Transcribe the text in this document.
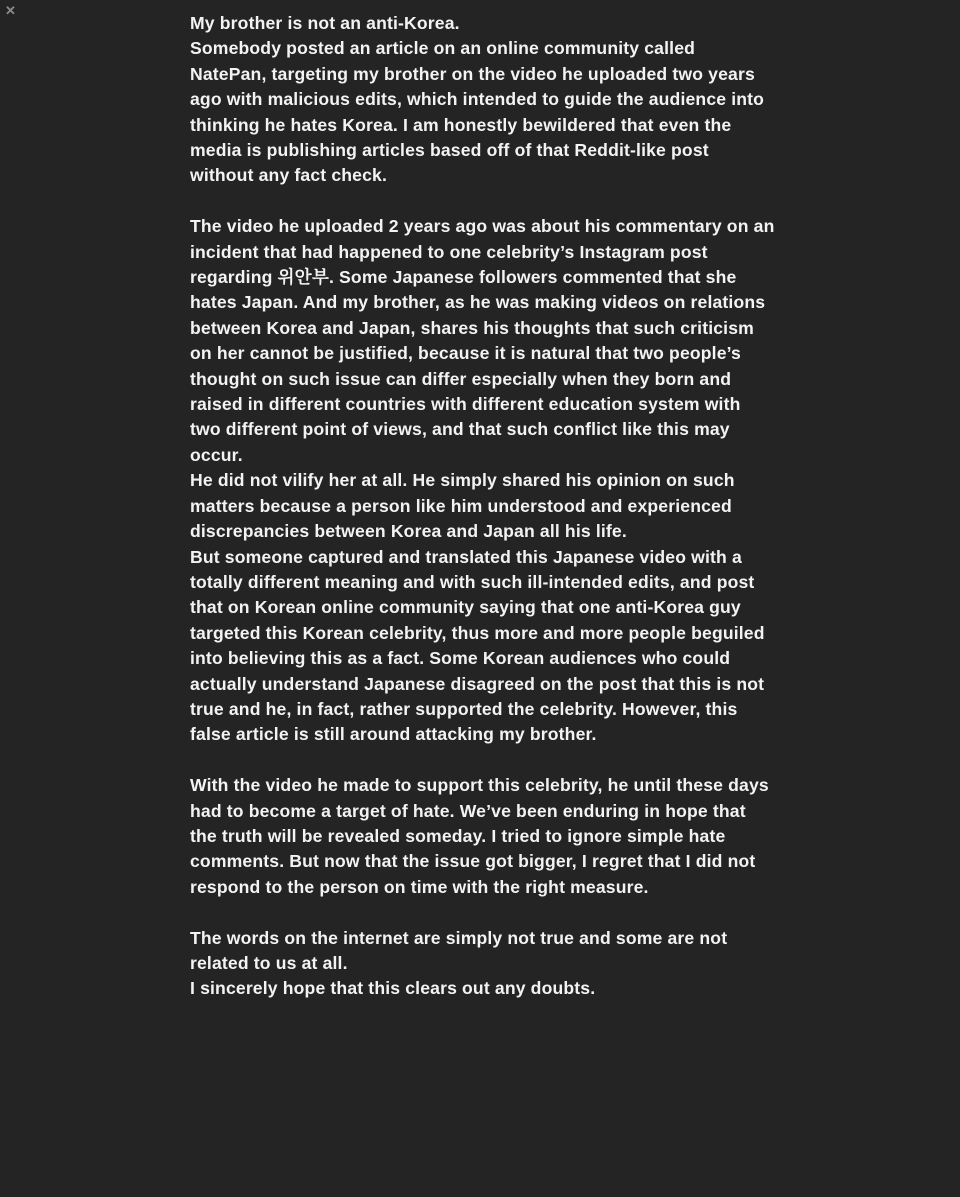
✕

My brother is not an anti-Korea.

Somebody posted an article on an online community called NatePan, targeting my brother on the video he uploaded two years ago with malicious edits, which intended to guide the audience into thinking he hates Korea. I am honestly bewildered that even the media is publishing articles based off of that Reddit-like post without any fact check.

The video he uploaded 2 years ago was about his commentary on an incident that had happened to one celebrity’s Instagram post regarding 위안부. Some Japanese followers commented that she hates Japan. And my brother, as he was making videos on relations between Korea and Japan, shares his thoughts that such criticism on her cannot be justified, because it is natural that two people’s thought on such issue can differ especially when they born and raised in different countries with different education system with two different point of views, and that such conflict like this may occur.

He did not vilify her at all. He simply shared his opinion on such matters because a person like him understood and experienced discrepancies between Korea and Japan all his life.

But someone captured and translated this Japanese video with a totally different meaning and with such ill-intended edits, and post that on Korean online community saying that one anti-Korea guy targeted this Korean celebrity, thus more and more people beguiled into believing this as a fact. Some Korean audiences who could actually understand Japanese disagreed on the post that this is not true and he, in fact, rather supported the celebrity. However, this false article is still around attacking my brother.

With the video he made to support this celebrity, he until these days had to become a target of hate. We’ve been enduring in hope that the truth will be revealed someday. I tried to ignore simple hate comments. But now that the issue got bigger, I regret that I did not respond to the person on time with the right measure.

The words on the internet are simply not true and some are not related to us at all.

I sincerely hope that this clears out any doubts.
